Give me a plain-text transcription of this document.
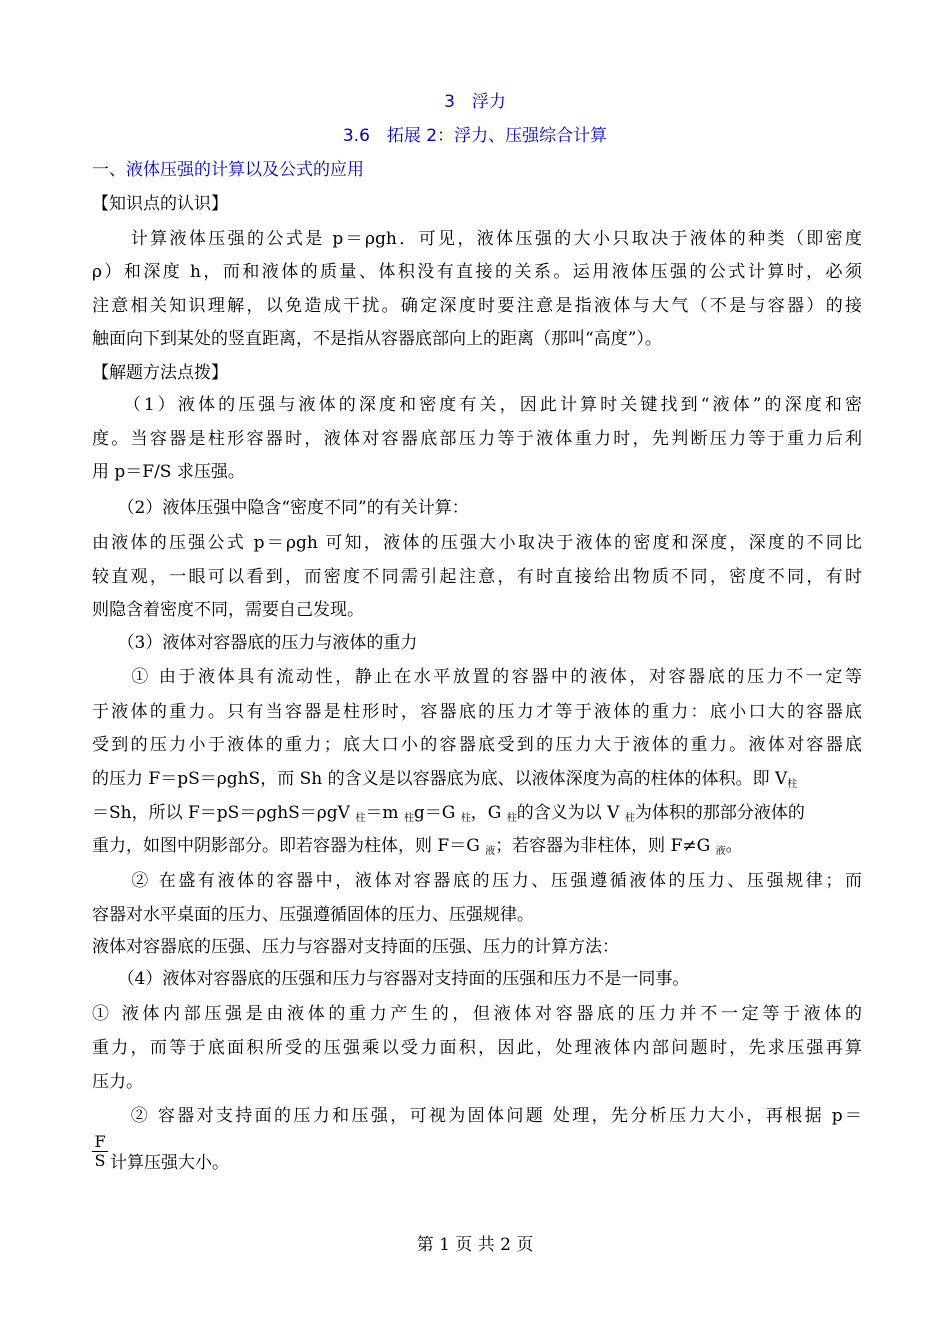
3　浮力
3.6　拓展 2：浮力、压强综合计算
一、液体压强的计算以及公式的应用
【知识点的认识】
　　计算液体压强的公式是 p＝ρgh．可见，液体压强的大小只取决于液体的种类（即密度
ρ）和深度 h，而和液体的质量、体积没有直接的关系。运用液体压强的公式计算时，必须
注意相关知识理解，以免造成干扰。确定深度时要注意是指液体与大气（不是与容器）的接
触面向下到某处的竖直距离，不是指从容器底部向上的距离（那叫“高度”）。
【解题方法点拨】
　　（1）液体的压强与液体的深度和密度有关，因此计算时关键找到“液体”的深度和密
度。当容器是柱形容器时，液体对容器底部压力等于液体重力时，先判断压力等于重力后利
用 p＝F/S 求压强。
　　（2）液体压强中隐含“密度不同”的有关计算：
由液体的压强公式 p＝ρgh 可知，液体的压强大小取决于液体的密度和深度，深度的不同比
较直观，一眼可以看到，而密度不同需引起注意，有时直接给出物质不同，密度不同，有时
则隐含着密度不同，需要自己发现。
　　（3）液体对容器底的压力与液体的重力
　　① 由于液体具有流动性，静止在水平放置的容器中的液体，对容器底的压力不一定等
于液体的重力。只有当容器是柱形时，容器底的压力才等于液体的重力：底小口大的容器底
受到的压力小于液体的重力；底大口小的容器底受到的压力大于液体的重力。液体对容器底
的压力 F＝pS＝ρghS，而 Sh 的含义是以容器底为底、以液体深度为高的柱体的体积。即 $V_柱$
＝Sh，所以 F＝pS＝ρghS＝ρgV $_柱$＝m $_柱$g＝G $_柱$，G $_柱$的含义为以 V $_柱$为体积的那部分液体的
重力，如图中阴影部分。即若容器为柱体，则 F＝G $_液$；若容器为非柱体，则 F≠G $_液$。
　　② 在盛有液体的容器中，液体对容器底的压力、压强遵循液体的压力、压强规律；而
容器对水平桌面的压力、压强遵循固体的压力、压强规律。
液体对容器底的压强、压力与容器对支持面的压强、压力的计算方法：
　　（4）液体对容器底的压强和压力与容器对支持面的压强和压力不是一同事。
① 液体内部压强是由液体的重力产生的，但液体对容器底的压力并不一定等于液体的
重力，而等于底面积所受的压强乘以受力面积，因此，处理液体内部问题时，先求压强再算
压力。
　　② 容器对支持面的压力和压强，可视为固体问题 处理，先分析压力大小，再根据 p＝
$\frac{F}{S}$ 计算压强大小。
第 1 页 共 2 页
